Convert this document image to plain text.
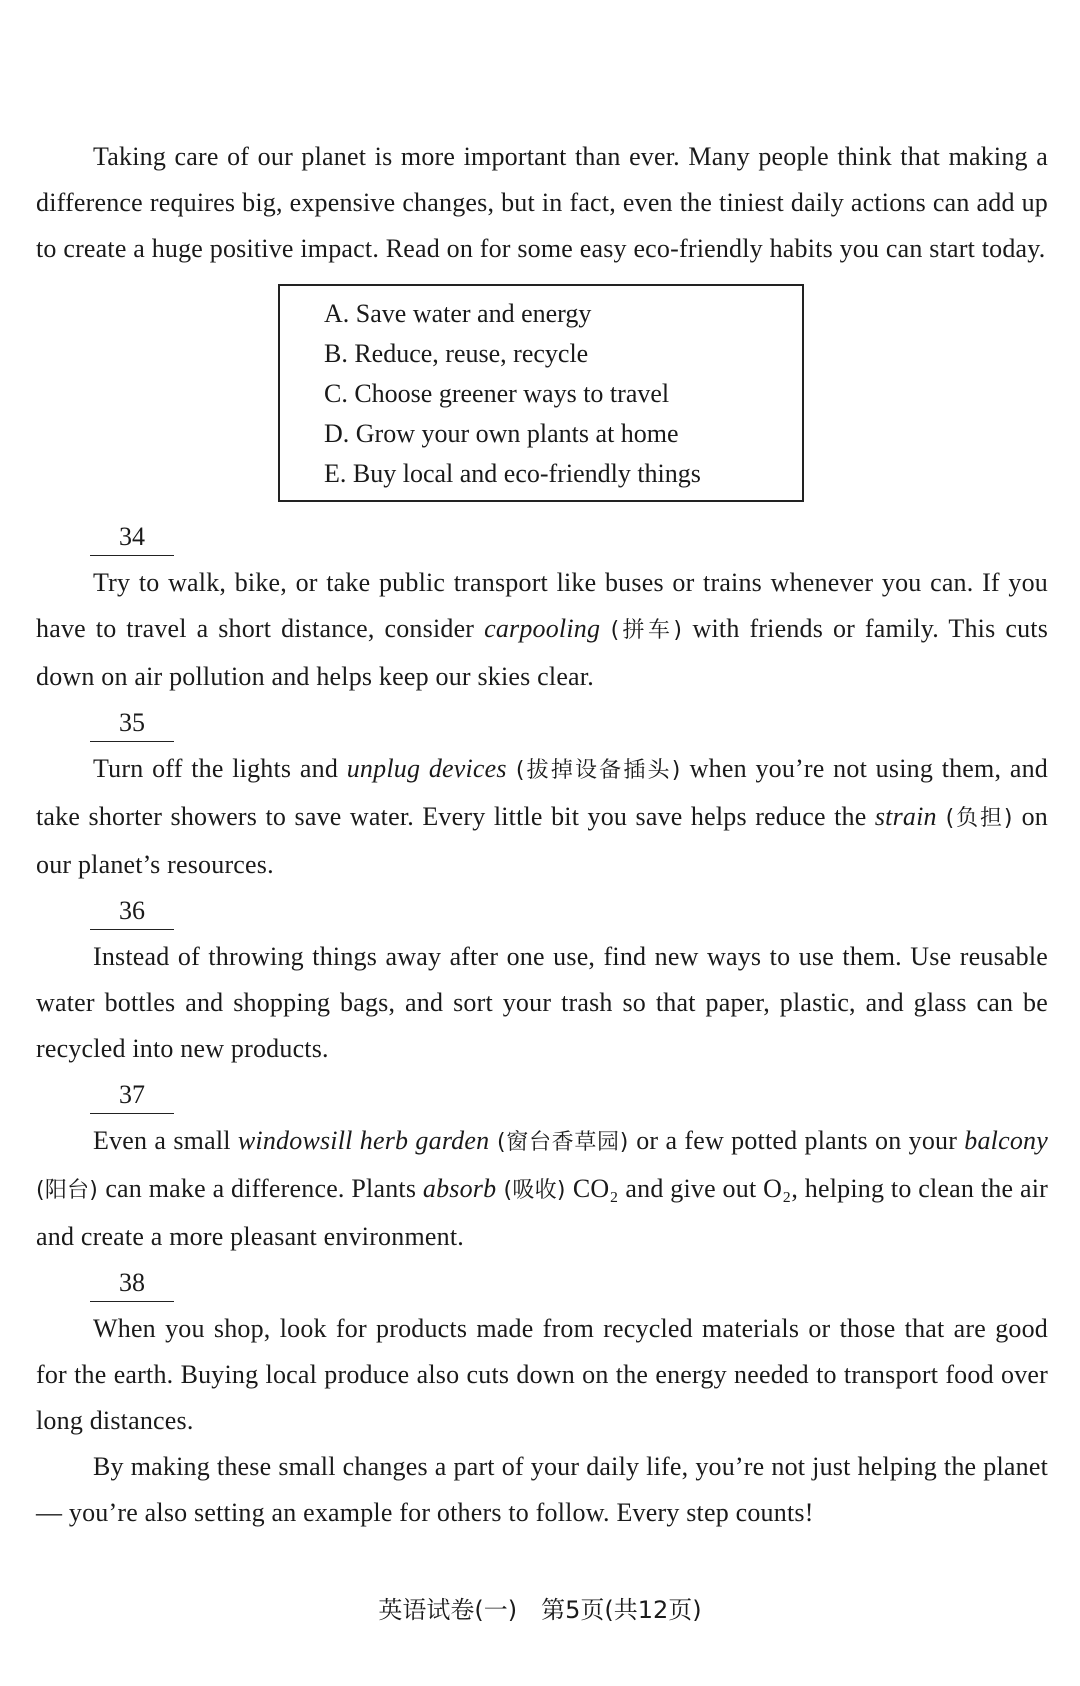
Taking care of our planet is more important than ever. Many people think that making a difference requires big, expensive changes, but in fact, even the tiniest daily actions can add up to create a huge positive impact. Read on for some easy eco-friendly habits you can start today.

A. Save water and energy
B. Reduce, reuse, recycle
C. Choose greener ways to travel
D. Grow your own plants at home
E. Buy local and eco-friendly things

34

Try to walk, bike, or take public transport like buses or trains whenever you can. If you have to travel a short distance, consider carpooling (拼车) with friends or family. This cuts down on air pollution and helps keep our skies clear.

35

Turn off the lights and unplug devices (拔掉设备插头) when you’re not using them, and take shorter showers to save water. Every little bit you save helps reduce the strain (负担) on our planet’s resources.

36

Instead of throwing things away after one use, find new ways to use them. Use reusable water bottles and shopping bags, and sort your trash so that paper, plastic, and glass can be recycled into new products.

37

Even a small windowsill herb garden (窗台香草园) or a few potted plants on your balcony (阳台) can make a difference. Plants absorb (吸收) CO₂ and give out O₂, helping to clean the air and create a more pleasant environment.

38

When you shop, look for products made from recycled materials or those that are good for the earth. Buying local produce also cuts down on the energy needed to transport food over long distances.

By making these small changes a part of your daily life, you’re not just helping the planet — you’re also setting an example for others to follow. Every step counts!

英语试卷(一)　第5页(共12页)
